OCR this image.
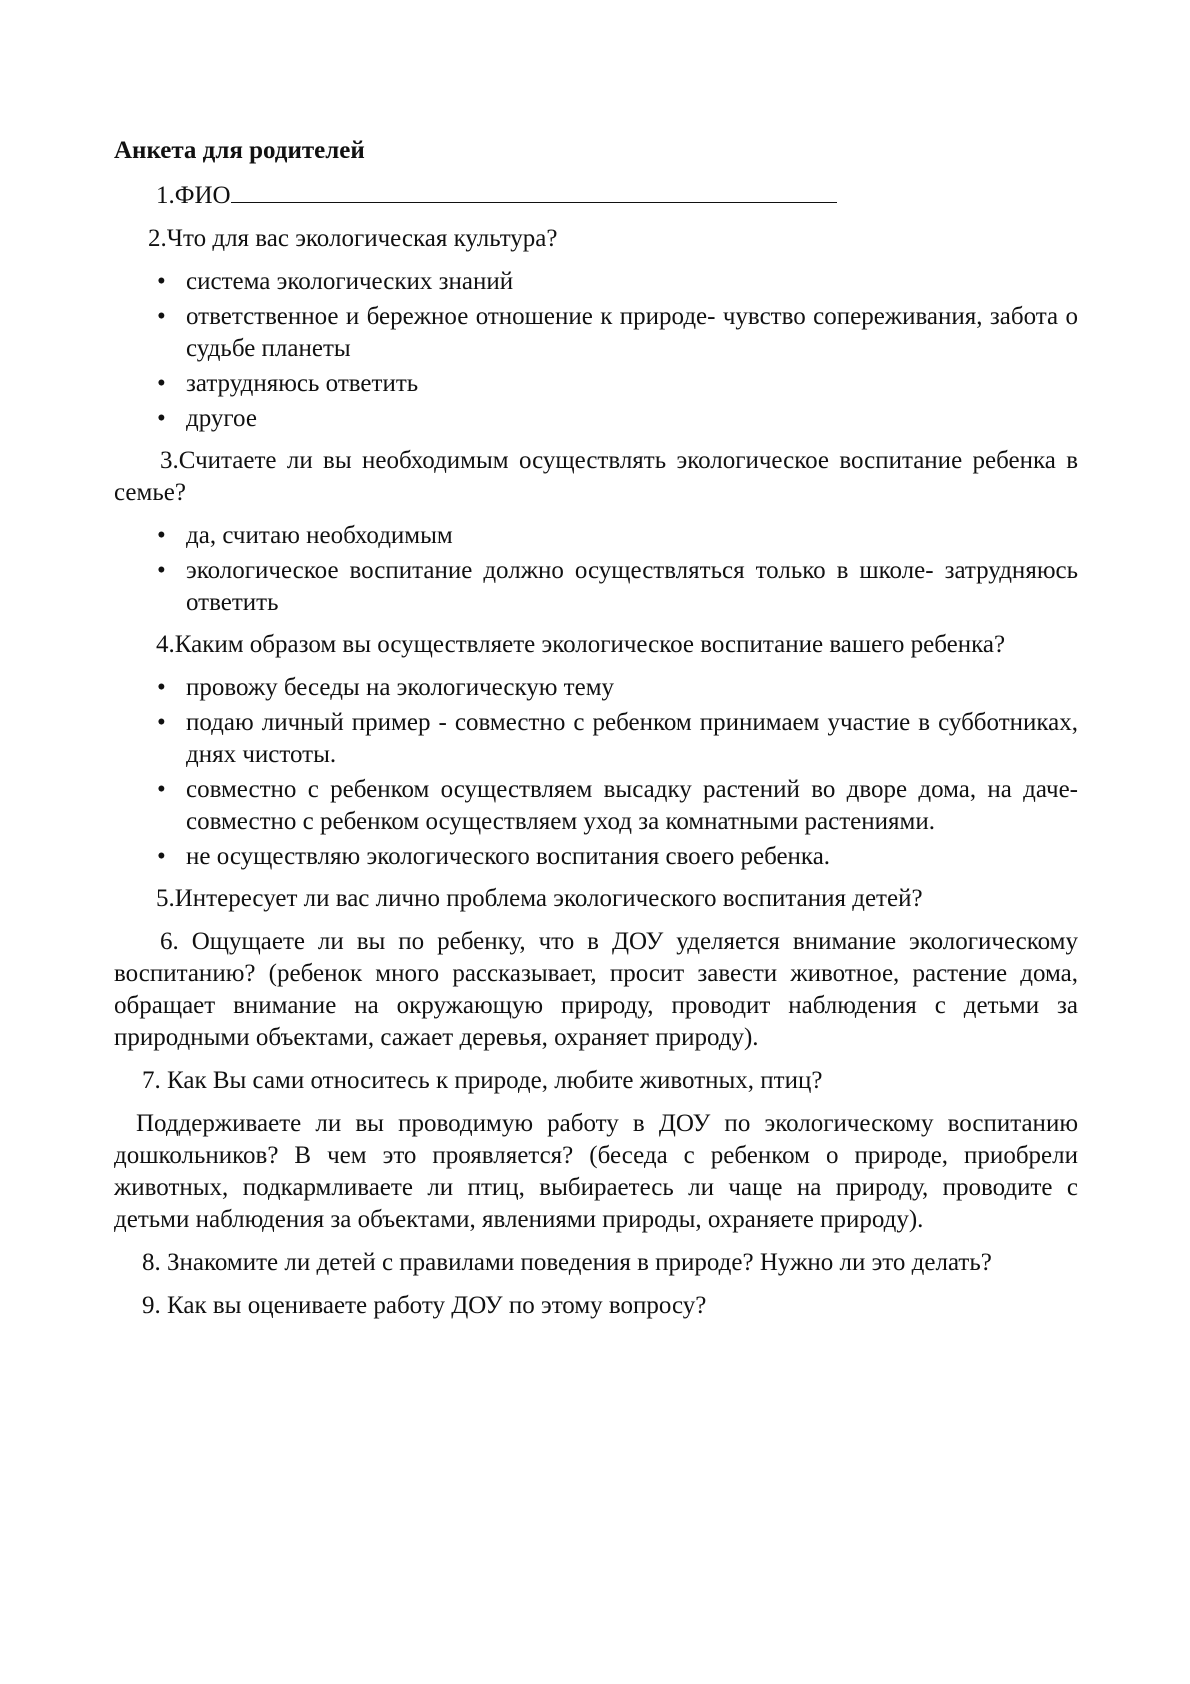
Анкета для родителей
1.ФИО
2.Что для вас экологическая культура?
• система экологических знаний
• ответственное и бережное отношение к природе- чувство сопереживания, забота о судьбе планеты
• затрудняюсь ответить
• другое
3.Считаете ли вы необходимым осуществлять экологическое воспитание ребенка в семье?
• да, считаю необходимым
• экологическое воспитание должно осуществляться только в школе- затрудняюсь ответить
4.Каким образом вы осуществляете экологическое воспитание вашего ребенка?
• провожу беседы на экологическую тему
• подаю личный пример - совместно с ребенком принимаем участие в субботниках, днях чистоты.
• совместно с ребенком осуществляем высадку растений во дворе дома, на даче- совместно с ребенком осуществляем уход за комнатными растениями.
• не осуществляю экологического воспитания своего ребенка.
5.Интересует ли вас лично проблема экологического воспитания детей?
6. Ощущаете ли вы по ребенку, что в ДОУ уделяется внимание экологическому воспитанию? (ребенок много рассказывает, просит завести животное, растение дома, обращает внимание на окружающую природу, проводит наблюдения с детьми за природными объектами, сажает деревья, охраняет природу).
7. Как Вы сами относитесь к природе, любите животных, птиц?
Поддерживаете ли вы проводимую работу в ДОУ по экологическому воспитанию дошкольников? В чем это проявляется? (беседа с ребенком о природе, приобрели животных, подкармливаете ли птиц, выбираетесь ли чаще на природу, проводите с детьми наблюдения за объектами, явлениями природы, охраняете природу).
8. Знакомите ли детей с правилами поведения в природе? Нужно ли это делать?
9. Как вы оцениваете работу ДОУ по этому вопросу?
